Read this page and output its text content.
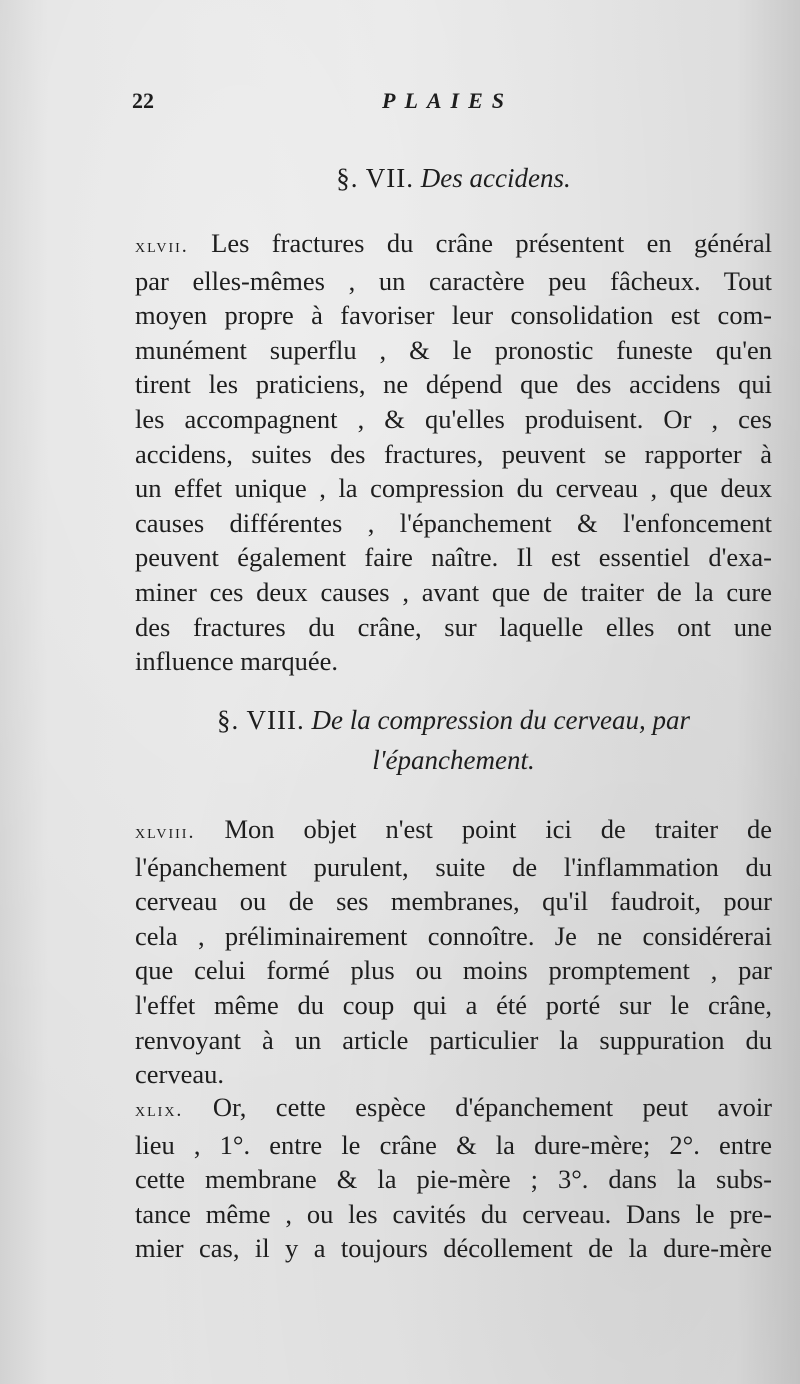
22	PLAIES
§. VII. Des accidens.
xlvii. Les fractures du crâne présentent en général
par elles-mêmes , un caractère peu fâcheux. Tout
moyen propre à favoriser leur consolidation est com-
munément superflu , & le pronostic funeste qu'en
tirent les praticiens, ne dépend que des accidens qui
les accompagnent , & qu'elles produisent. Or , ces
accidens, suites des fractures, peuvent se rapporter à
un effet unique , la compression du cerveau , que deux
causes différentes , l'épanchement & l'enfoncement
peuvent également faire naître. Il est essentiel d'exa-
miner ces deux causes , avant que de traiter de la cure
des fractures du crâne, sur laquelle elles ont une
influence marquée.
§. VIII. De la compression du cerveau, par
l'épanchement.
xlviii. Mon objet n'est point ici de traiter de
l'épanchement purulent, suite de l'inflammation du
cerveau ou de ses membranes, qu'il faudroit, pour
cela , préliminairement connoître. Je ne considérerai
que celui formé plus ou moins promptement , par
l'effet même du coup qui a été porté sur le crâne,
renvoyant à un article particulier la suppuration du
cerveau.
xlix. Or, cette espèce d'épanchement peut avoir
lieu , 1°. entre le crâne & la dure-mère; 2°. entre
cette membrane & la pie-mère ; 3°. dans la subs-
tance même , ou les cavités du cerveau. Dans le pre-
mier cas, il y a toujours décollement de la dure-mère
